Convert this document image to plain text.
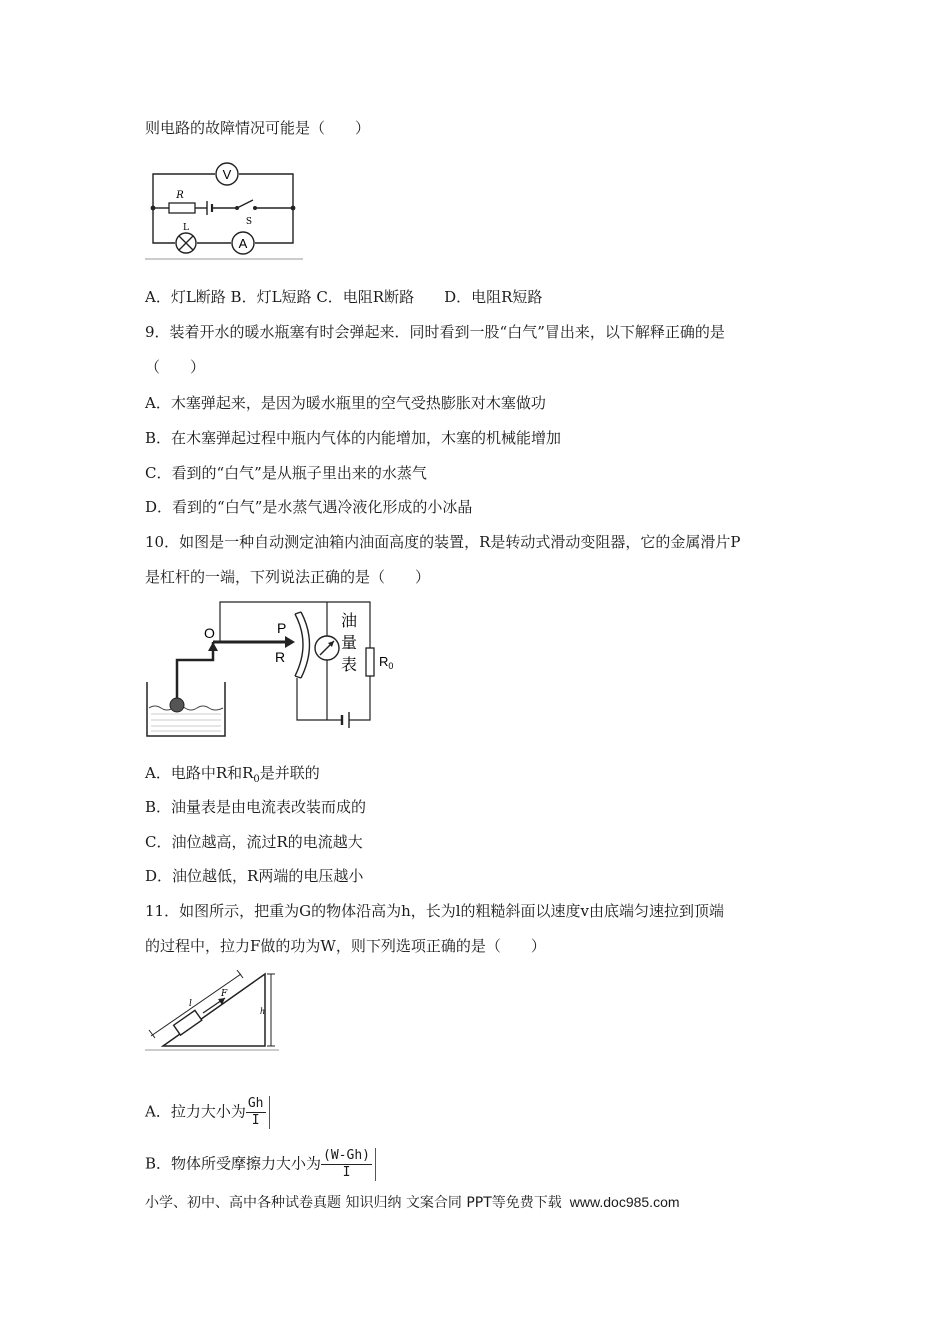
则电路的故障情况可能是（　　）
V
R
S
L
A
A．灯L断路 B．灯L短路 C．电阻R断路　　D．电阻R短路
9．装着开水的暖水瓶塞有时会弹起来．同时看到一股“白气”冒出来，以下解释正确的是
（　　）
A．木塞弹起来，是因为暖水瓶里的空气受热膨胀对木塞做功
B．在木塞弹起过程中瓶内气体的内能增加，木塞的机械能增加
C．看到的“白气”是从瓶子里出来的水蒸气
D．看到的“白气”是水蒸气遇冷液化形成的小冰晶
10．如图是一种自动测定油箱内油面高度的装置，R是转动式滑动变阻器，它的金属滑片P
是杠杆的一端，下列说法正确的是（　　）
O	P
R
油
量
表 $R_0$
A．电路中R和$R_0$是并联的
B．油量表是由电流表改装而成的
C．油位越高，流过R的电流越大
D．油位越低，R两端的电压越小
11．如图所示，把重为G的物体沿高为h，长为l的粗糙斜面以速度v由底端匀速拉到顶端
的过程中，拉力F做的功为W，则下列选项正确的是（　　）
F
l
h
A．拉力大小为 $\frac{Gh}{I}$
B．物体所受摩擦力大小为 $\frac{(W-Gh)}{I}$
小学、初中、高中各种试卷真题 知识归纳 文案合同 PPT等免费下载 www.doc985.com
